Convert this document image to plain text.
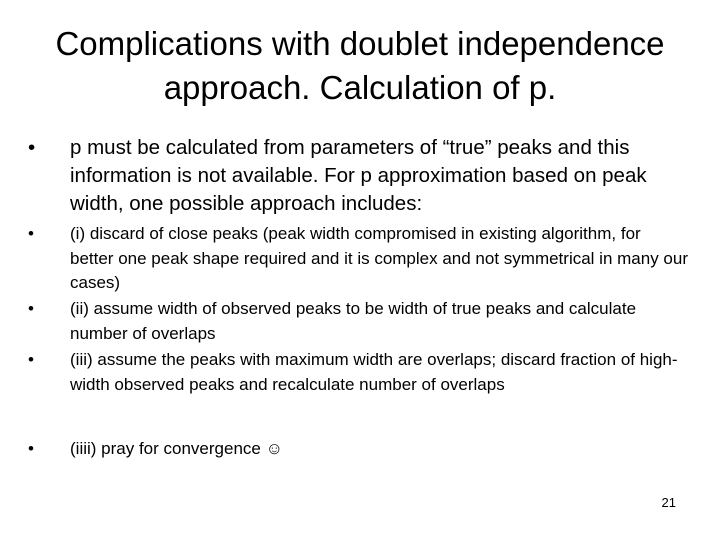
Complications with doublet independence
approach. Calculation of p.
• p must be calculated from parameters of “true” peaks and this information is not available. For p approximation based on peak width, one possible approach includes:
• (i) discard of close peaks (peak width compromised in existing algorithm, for better one peak shape required and it is complex and not symmetrical in many our cases)
• (ii) assume width of observed peaks to be width of true peaks and calculate number of overlaps
• (iii) assume the peaks with maximum width are overlaps; discard fraction of high-width observed peaks and recalculate number of overlaps
• (iiii) pray for convergence ☺
21
